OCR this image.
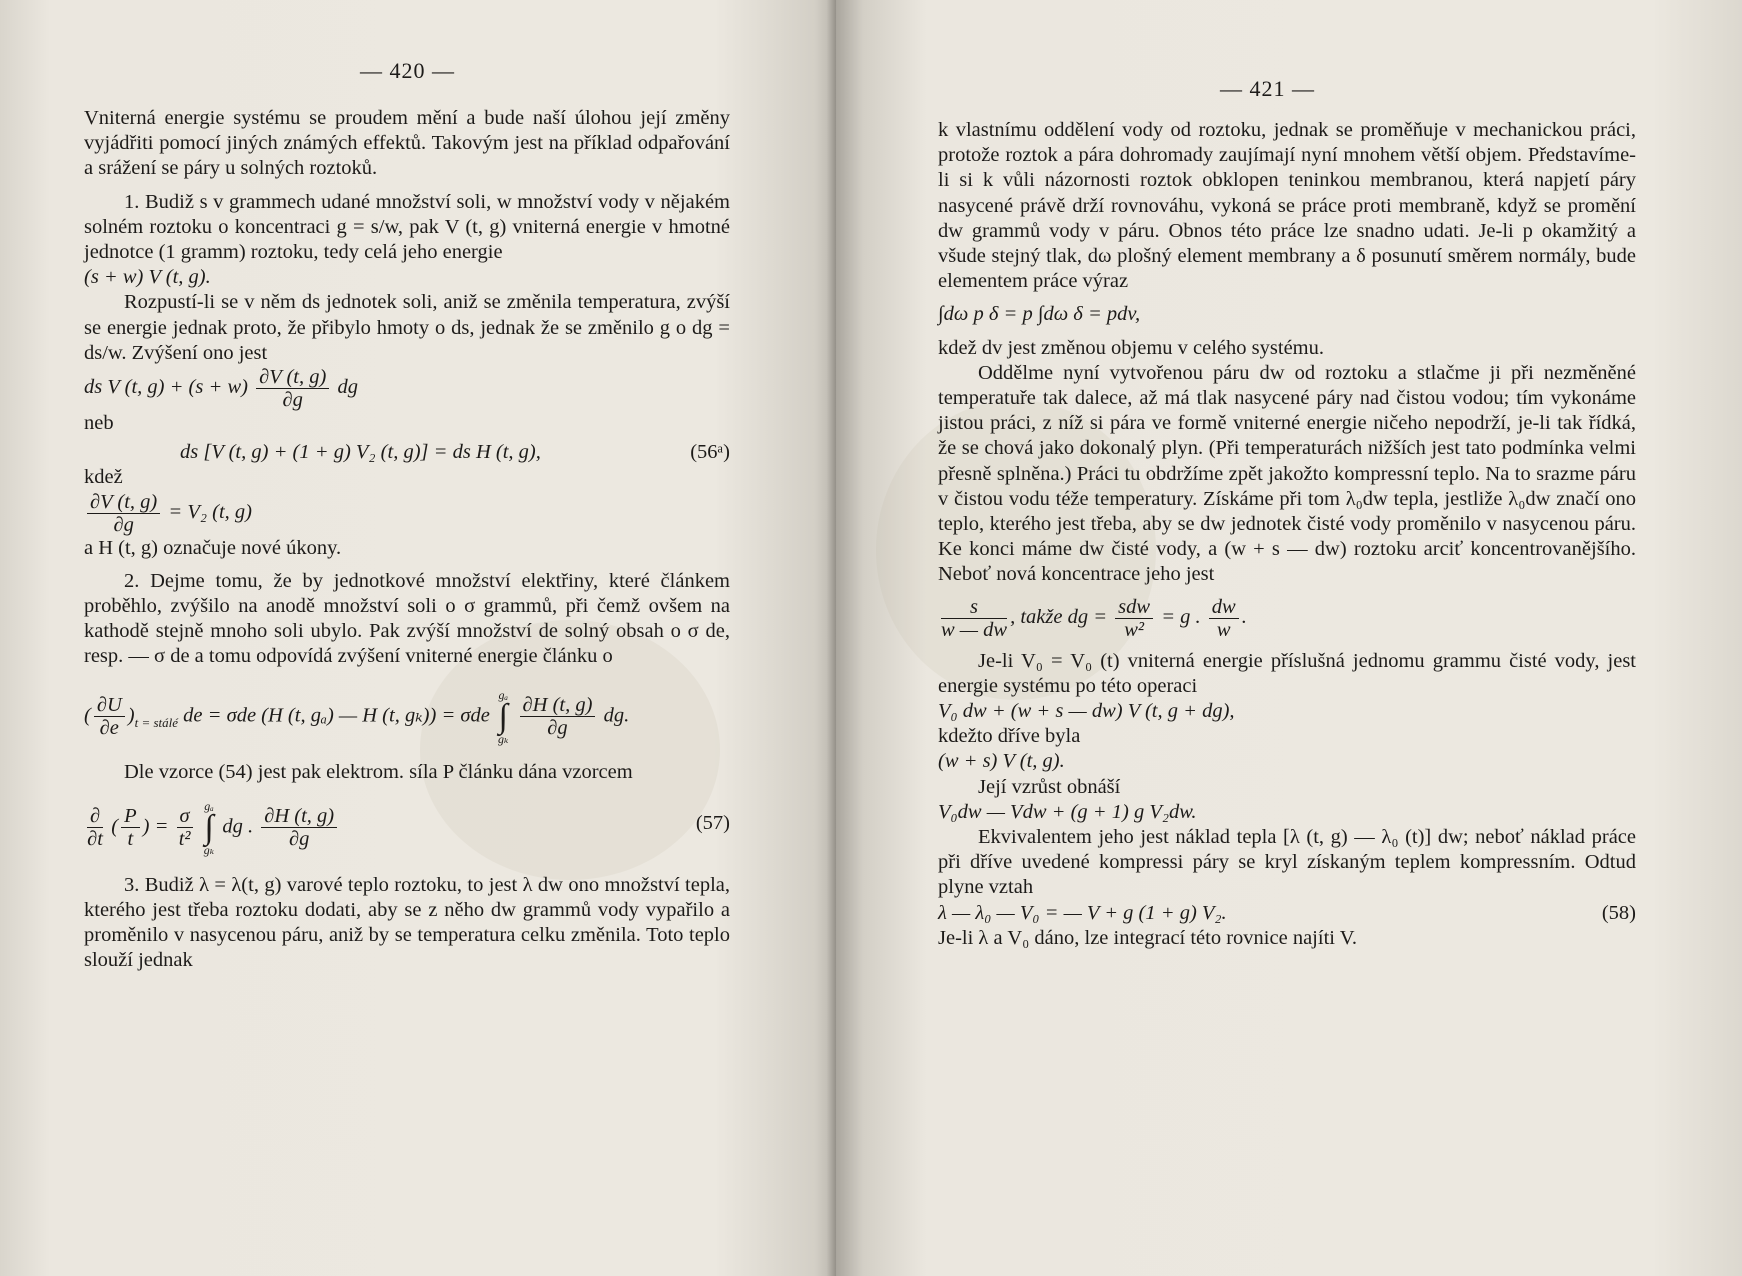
— 420 —

Vniterná energie systému se proudem mění a bude naší úlohou její změny vyjádřiti pomocí jiných známých effektů. Takovým jest na příklad odpařování a srážení se páry u solných roztoků.

1. Budiž s v grammech udané množství soli, w množství vody v nějakém solném roztoku o koncentraci g = s/w, pak V (t, g) vniterná energie v hmotné jednotce (1 gramm) roztoku, tedy celá jeho energie

(s + w) V (t, g).

Rozpustí-li se v něm ds jednotek soli, aniž se změnila temperatura, zvýší se energie jednak proto, že přibylo hmoty o ds, jednak že se změnilo g o dg = ds/w. Zvýšení ono jest

ds V (t, $g) + (s + w) \frac{\partial V (t, g)}{\partial g}$ dg

neb

ds [V (t, g) + (1 + g) V₂ (t, g)] = ds H (t, g),	(56ᵃ)

kdež

$\frac{\partial V (t, g)}{\partial g} = V_2$ (t, g)

a H (t, g) označuje nové úkony.

2. Dejme tomu, že by jednotkové množství elektřiny, které článkem proběhlo, zvýšilo na anodě množství soli o σ grammů, při čemž ovšem na kathodě stejně mnoho soli ubylo. Pak zvýší množství de solný obsah o σ de, resp. — σ de a tomu odpovídá zvýšení vniterné energie článku o

( $\frac{\partial U}{\partial e} )_{t = stálé}$ de = σde (H (t, gₐ) — H (t, gₖ)) = σde
gₐ
∫
gₖ
$\frac{\partial H (t, g)}{\partial g}$ dg.

Dle vzorce (54) jest pak elektrom. síla P článku dána vzorcem

$\frac{\partial}{\partial t}$ ( $\frac{P}{t}$ ) = $\frac{\sigma}{\text{t²}}$
gₐ
∫
gₖ
dg . $\frac{\partial H (t, g)}{\partial g}$	(57)

3. Budiž λ = λ(t, g) varové teplo roztoku, to jest λ dw ono množství tepla, kterého jest třeba roztoku dodati, aby se z něho dw grammů vody vypařilo a proměnilo v nasycenou páru, aniž by se temperatura celku změnila. Toto teplo slouží jednak

— 421 —

k vlastnímu oddělení vody od roztoku, jednak se proměňuje v mechanickou práci, protože roztok a pára dohromady zaujímají nyní mnohem větší objem. Představíme-li si k vůli názornosti roztok obklopen teninkou membranou, která napjetí páry nasycené právě drží rovnováhu, vykoná se práce proti membraně, když se promění dw grammů vody v páru. Obnos této práce lze snadno udati. Je-li p okamžitý a všude stejný tlak, dω plošný element membrany a δ posunutí směrem normály, bude elementem práce výraz

∫dω p δ = p ∫dω δ = pdv,

kdež dv jest změnou objemu v celého systému.

Oddělme nyní vytvořenou páru dw od roztoku a stlačme ji při nezměněné temperatuře tak dalece, až má tlak nasycené páry nad čistou vodou; tím vykonáme jistou práci, z níž si pára ve formě vniterné energie ničeho nepodrží, je-li tak řídká, že se chová jako dokonalý plyn. (Při temperaturách nižších jest tato podmínka velmi přesně splněna.) Práci tu obdržíme zpět jakožto kompressní teplo. Na to srazme páru v čistou vodu téže temperatury. Získáme při tom λ₀dw tepla, jestliže λ₀dw značí ono teplo, kterého jest třeba, aby se dw jednotek čisté vody proměnilo v nasycenou páru. Ke konci máme dw čisté vody, a (w + s — dw) roztoku arciť koncentrovanějšího. Neboť nová koncentrace jeho jest

$\frac{s}{w — dw}$ , takže dg = $\frac{\text{sdw}}{\text{w²}} = g$ . $\frac{dw}{w}$ .

Je-li V₀ = V₀ (t) vniterná energie příslušná jednomu grammu čisté vody, jest energie systému po této operaci

V₀ dw + (w + s — dw) V (t, g + dg),

kdežto dříve byla

(w + s) V (t, g).

Její vzrůst obnáší

V₀dw — Vdw + (g + 1) g V₂dw.

Ekvivalentem jeho jest náklad tepla [λ (t, g) — λ₀ (t)] dw; neboť náklad práce při dříve uvedené kompressi páry se kryl získaným teplem kompressním. Odtud plyne vztah

λ — λ₀ — V₀ = — V + g (1 + g) V₂.	(58)

Je-li λ a V₀ dáno, lze integrací této rovnice najíti V.
